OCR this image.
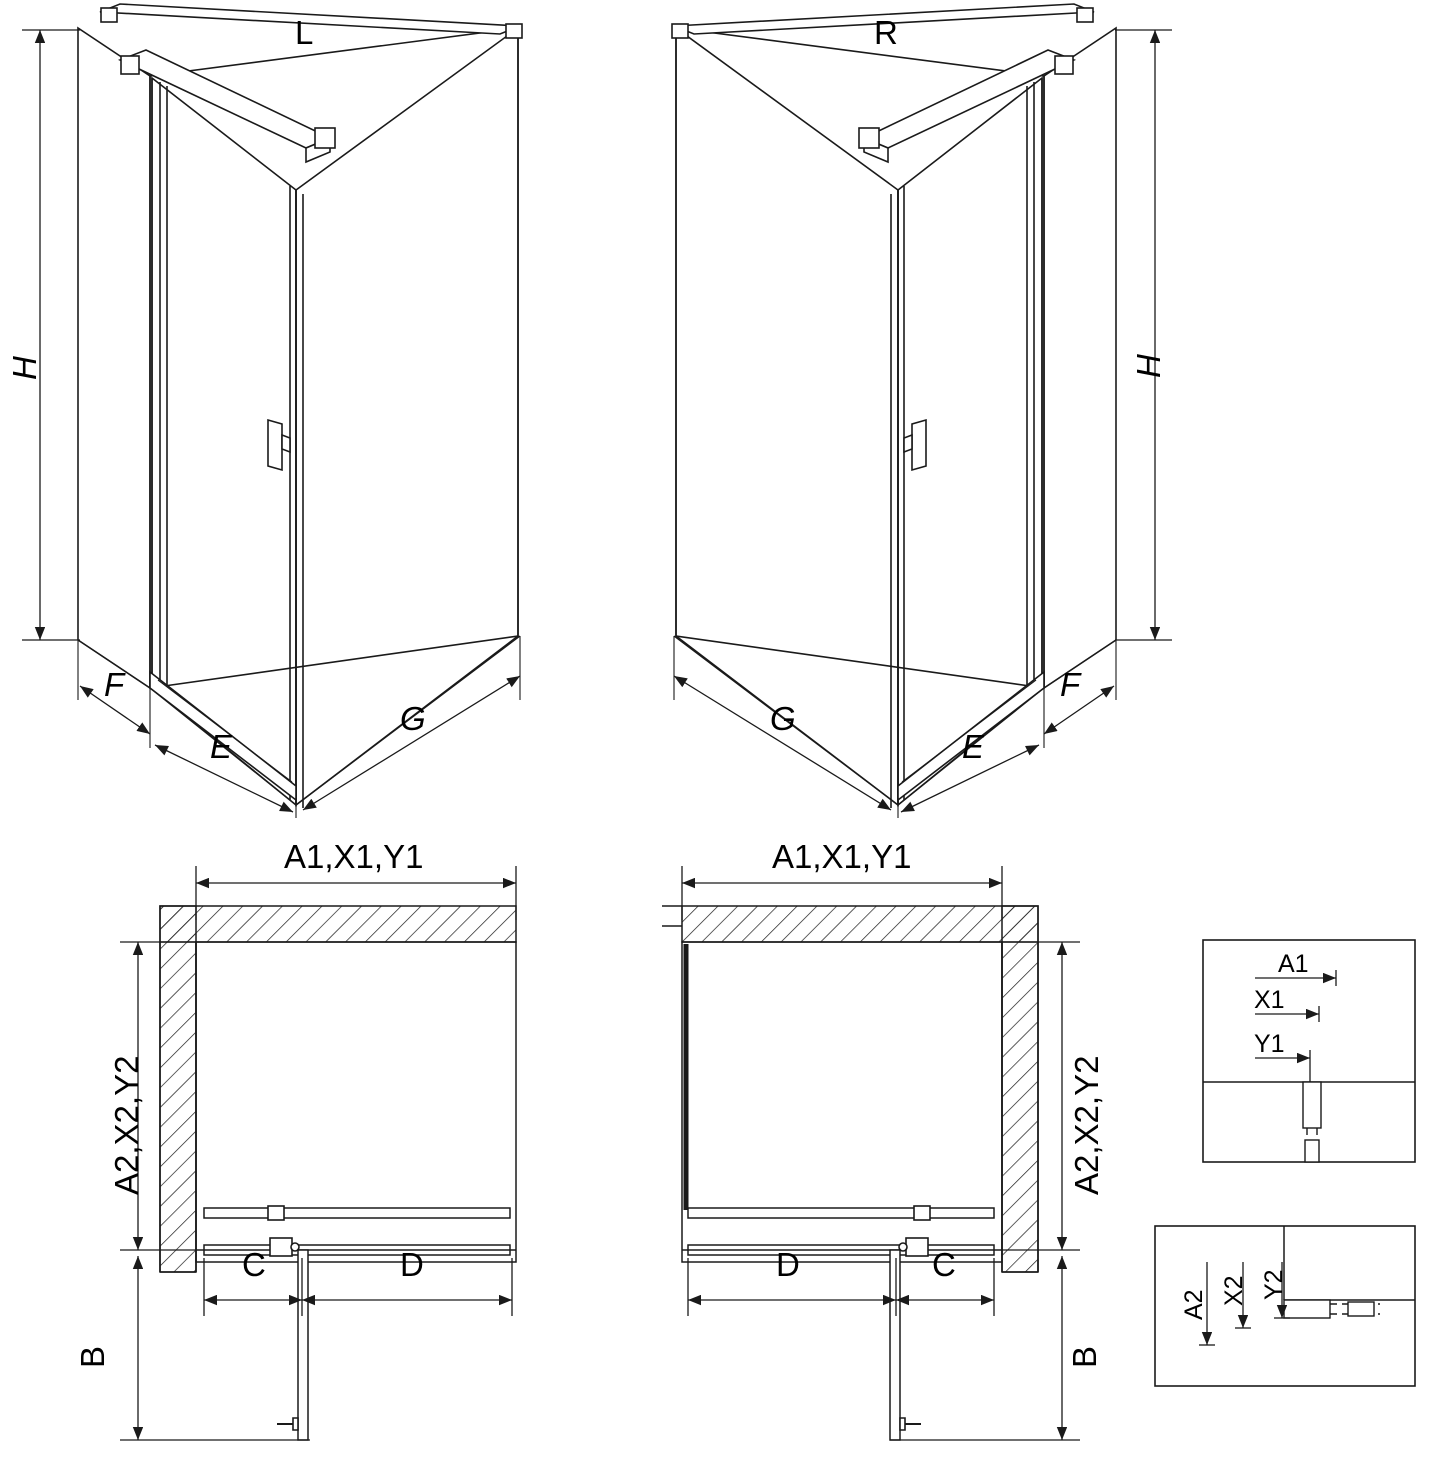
L	R
H	H
F
E
G
F
E
G
A1,X1,Y1	A1,X1,Y1
A2,X2,Y2	A2,X2,Y2
B	B
C	D	D	C
A1
X1
Y1
A2 X2 Y2
